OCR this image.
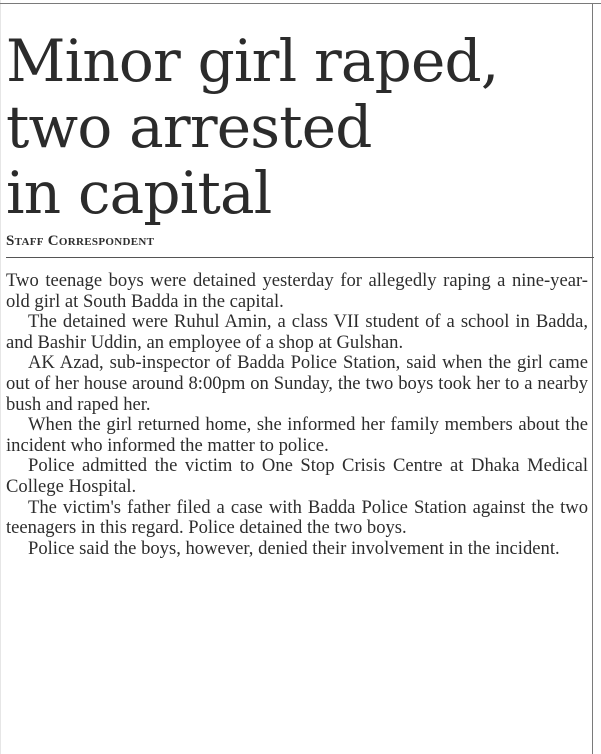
Minor girl raped,
two arrested
in capital
Staff Correspondent

Two teenage boys were detained yesterday for allegedly raping a nine-year-old girl at South Badda in the capital.

The detained were Ruhul Amin, a class VII student of a school in Badda, and Bashir Uddin, an employee of a shop at Gulshan.

AK Azad, sub-inspector of Badda Police Station, said when the girl came out of her house around 8:00pm on Sunday, the two boys took her to a nearby bush and raped her.

When the girl returned home, she informed her family members about the incident who informed the matter to police.

Police admitted the victim to One Stop Crisis Centre at Dhaka Medical College Hospital.

The victim's father filed a case with Badda Police Station against the two teenagers in this regard. Police detained the two boys.

Police said the boys, however, denied their involvement in the incident.
